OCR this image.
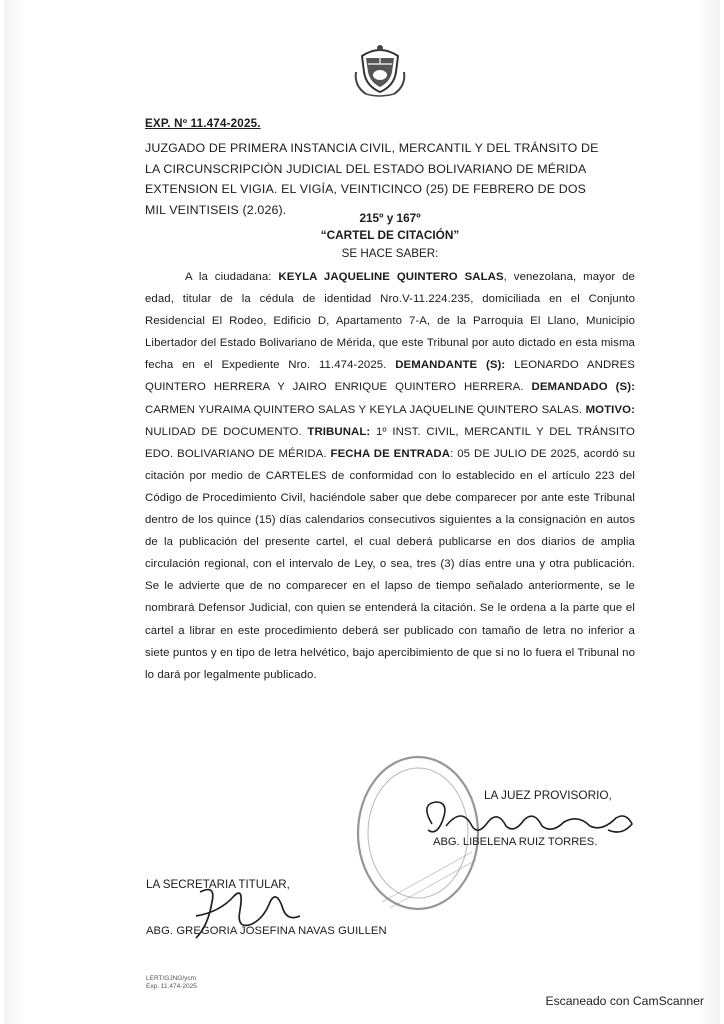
EXP. Nº 11.474-2025.
JUZGADO DE PRIMERA INSTANCIA CIVIL, MERCANTIL Y DEL TRÁNSITO DE
LA CIRCUNSCRIPCIÒN JUDICIAL DEL ESTADO BOLIVARIANO DE MÉRIDA
EXTENSION EL VIGIA. EL VIGÍA, VEINTICINCO (25) DE FEBRERO DE DOS
MIL VEINTISEIS (2.026).
215º y 167º
“CARTEL DE CITACIÓN”
SE HACE SABER:

A la ciudadana: KEYLA JAQUELINE QUINTERO SALAS, venezolana, mayor de edad, titular de la cédula de identidad Nro.V-11.224.235, domiciliada en el Conjunto Residencial El Rodeo, Edificio D, Apartamento 7-A, de la Parroquia El Llano, Municipio Libertador del Estado Bolivariano de Mérida, que este Tribunal por auto dictado en esta misma fecha en el Expediente Nro. 11.474-2025. DEMANDANTE (S): LEONARDO ANDRES QUINTERO HERRERA Y JAIRO ENRIQUE QUINTERO HERRERA. DEMANDADO (S): CARMEN YURAIMA QUINTERO SALAS Y KEYLA JAQUELINE QUINTERO SALAS. MOTIVO: NULIDAD DE DOCUMENTO. TRIBUNAL: 1º INST. CIVIL, MERCANTIL Y DEL TRÁNSITO EDO. BOLIVARIANO DE MÉRIDA. FECHA DE ENTRADA: 05 DE JULIO DE 2025, acordó su citación por medio de CARTELES de conformidad con lo establecido en el artículo 223 del Código de Procedimiento Civil, haciéndole saber que debe comparecer por ante este Tribunal dentro de los quince (15) días calendarios consecutivos siguientes a la consignación en autos de la publicación del presente cartel, el cual deberá publicarse en dos diarios de amplia circulación regional, con el intervalo de Ley, o sea, tres (3) días entre una y otra publicación. Se le advierte que de no comparecer en el lapso de tiempo señalado anteriormente, se le nombrará Defensor Judicial, con quien se entenderá la citación. Se le ordena a la parte que el cartel a librar en este procedimiento deberá ser publicado con tamaño de letra no inferior a siete puntos y en tipo de letra helvético, bajo apercibimiento de que si no lo fuera el Tribunal no lo dará por legalmente publicado.

LA JUEZ PROVISORIO,
ABG. LIBELENA RUIZ TORRES.
LA SECRETARIA TITULAR,
ABG. GREGORIA JOSEFINA NAVAS GUILLEN
LERT/GJNG/ycm
Exp. 11.474-2025
Escaneado con CamScanner
